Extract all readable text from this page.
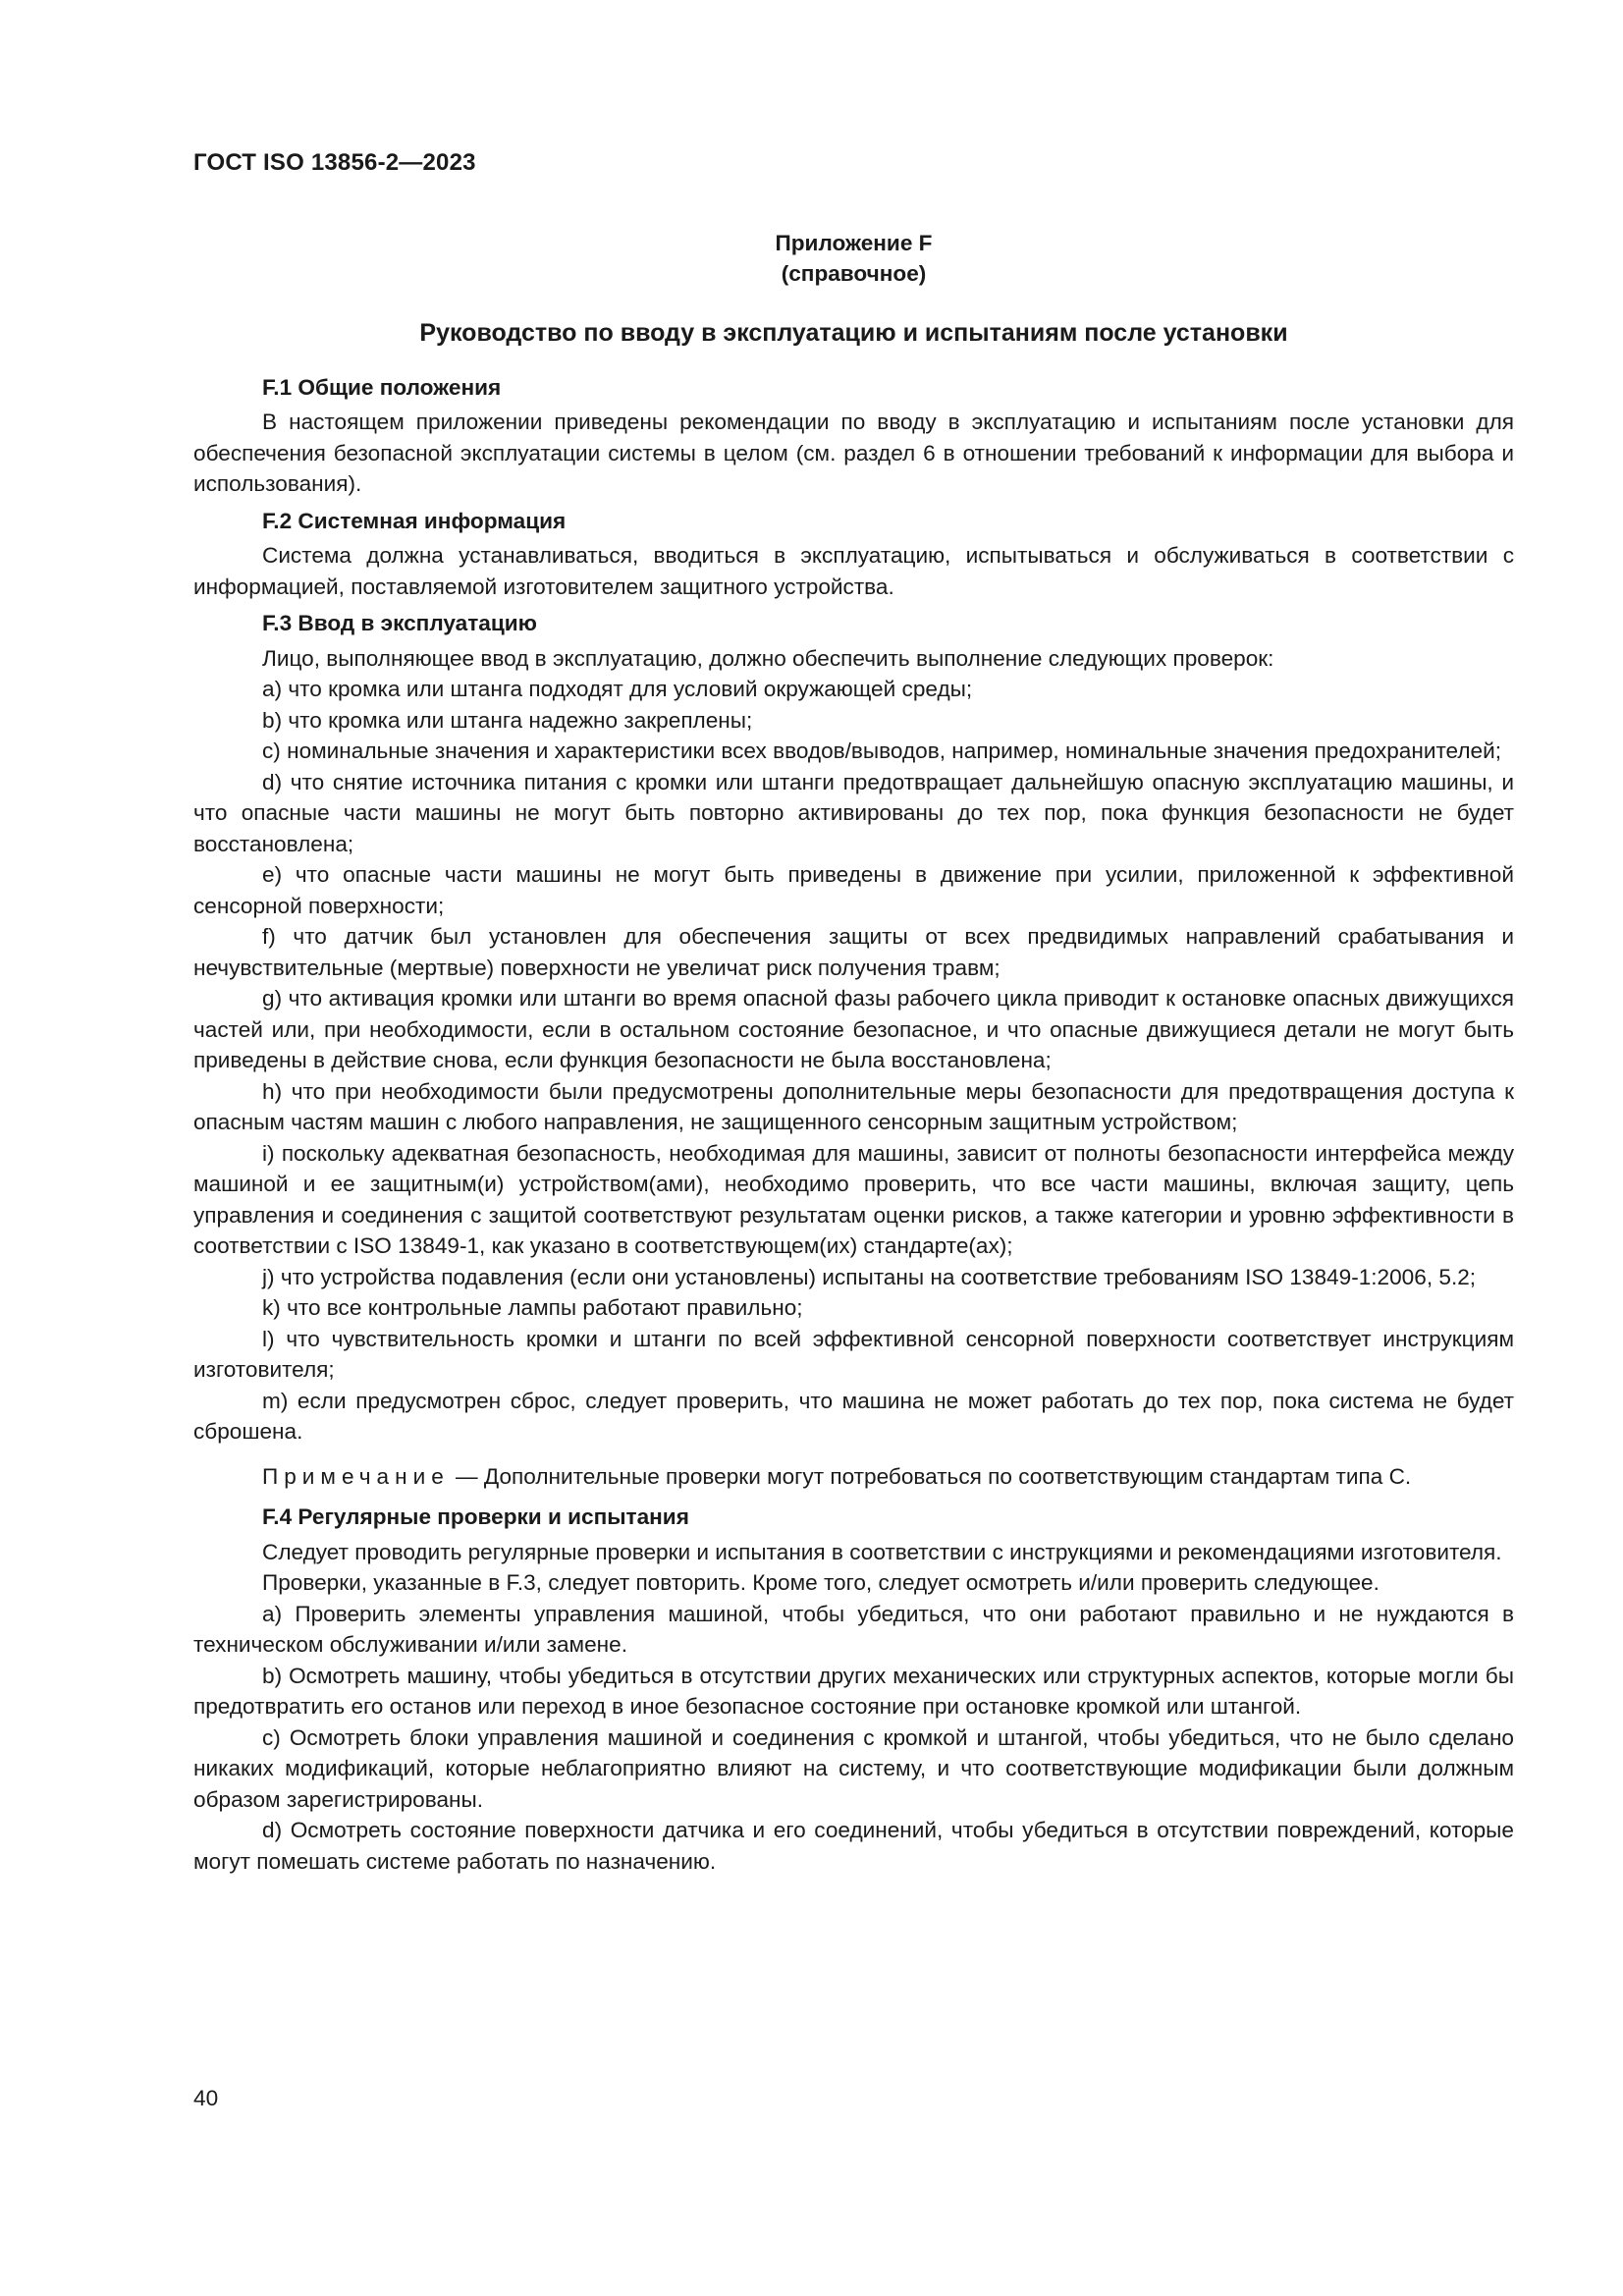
ГОСТ ISO 13856-2—2023
Приложение F
(справочное)
Руководство по вводу в эксплуатацию и испытаниям после установки
F.1 Общие положения

В настоящем приложении приведены рекомендации по вводу в эксплуатацию и испытаниям после установки для обеспечения безопасной эксплуатации системы в целом (см. раздел 6 в отношении требований к информации для выбора и использования).

F.2 Системная информация

Система должна устанавливаться, вводиться в эксплуатацию, испытываться и обслуживаться в соответствии с информацией, поставляемой изготовителем защитного устройства.

F.3 Ввод в эксплуатацию

Лицо, выполняющее ввод в эксплуатацию, должно обеспечить выполнение следующих проверок:

a) что кромка или штанга подходят для условий окружающей среды;

b) что кромка или штанга надежно закреплены;

c) номинальные значения и характеристики всех вводов/выводов, например, номинальные значения предохранителей;

d) что снятие источника питания с кромки или штанги предотвращает дальнейшую опасную эксплуатацию машины, и что опасные части машины не могут быть повторно активированы до тех пор, пока функция безопасности не будет восстановлена;

e) что опасные части машины не могут быть приведены в движение при усилии, приложенной к эффективной сенсорной поверхности;

f) что датчик был установлен для обеспечения защиты от всех предвидимых направлений срабатывания и нечувствительные (мертвые) поверхности не увеличат риск получения травм;

g) что активация кромки или штанги во время опасной фазы рабочего цикла приводит к остановке опасных движущихся частей или, при необходимости, если в остальном состояние безопасное, и что опасные движущиеся детали не могут быть приведены в действие снова, если функция безопасности не была восстановлена;

h) что при необходимости были предусмотрены дополнительные меры безопасности для предотвращения доступа к опасным частям машин с любого направления, не защищенного сенсорным защитным устройством;

i) поскольку адекватная безопасность, необходимая для машины, зависит от полноты безопасности интерфейса между машиной и ее защитным(и) устройством(ами), необходимо проверить, что все части машины, включая защиту, цепь управления и соединения с защитой соответствуют результатам оценки рисков, а также категории и уровню эффективности в соответствии с ISO 13849-1, как указано в соответствующем(их) стандарте(ах);

j) что устройства подавления (если они установлены) испытаны на соответствие требованиям ISO 13849-1:2006, 5.2;

k) что все контрольные лампы работают правильно;

l) что чувствительность кромки и штанги по всей эффективной сенсорной поверхности соответствует инструкциям изготовителя;

m) если предусмотрен сброс, следует проверить, что машина не может работать до тех пор, пока система не будет сброшена.

Примечание — Дополнительные проверки могут потребоваться по соответствующим стандартам типа C.

F.4 Регулярные проверки и испытания

Следует проводить регулярные проверки и испытания в соответствии с инструкциями и рекомендациями изготовителя.

Проверки, указанные в F.3, следует повторить. Кроме того, следует осмотреть и/или проверить следующее.

a) Проверить элементы управления машиной, чтобы убедиться, что они работают правильно и не нуждаются в техническом обслуживании и/или замене.

b) Осмотреть машину, чтобы убедиться в отсутствии других механических или структурных аспектов, которые могли бы предотвратить его останов или переход в иное безопасное состояние при остановке кромкой или штангой.

c) Осмотреть блоки управления машиной и соединения с кромкой и штангой, чтобы убедиться, что не было сделано никаких модификаций, которые неблагоприятно влияют на систему, и что соответствующие модификации были должным образом зарегистрированы.

d) Осмотреть состояние поверхности датчика и его соединений, чтобы убедиться в отсутствии повреждений, которые могут помешать системе работать по назначению.

40
